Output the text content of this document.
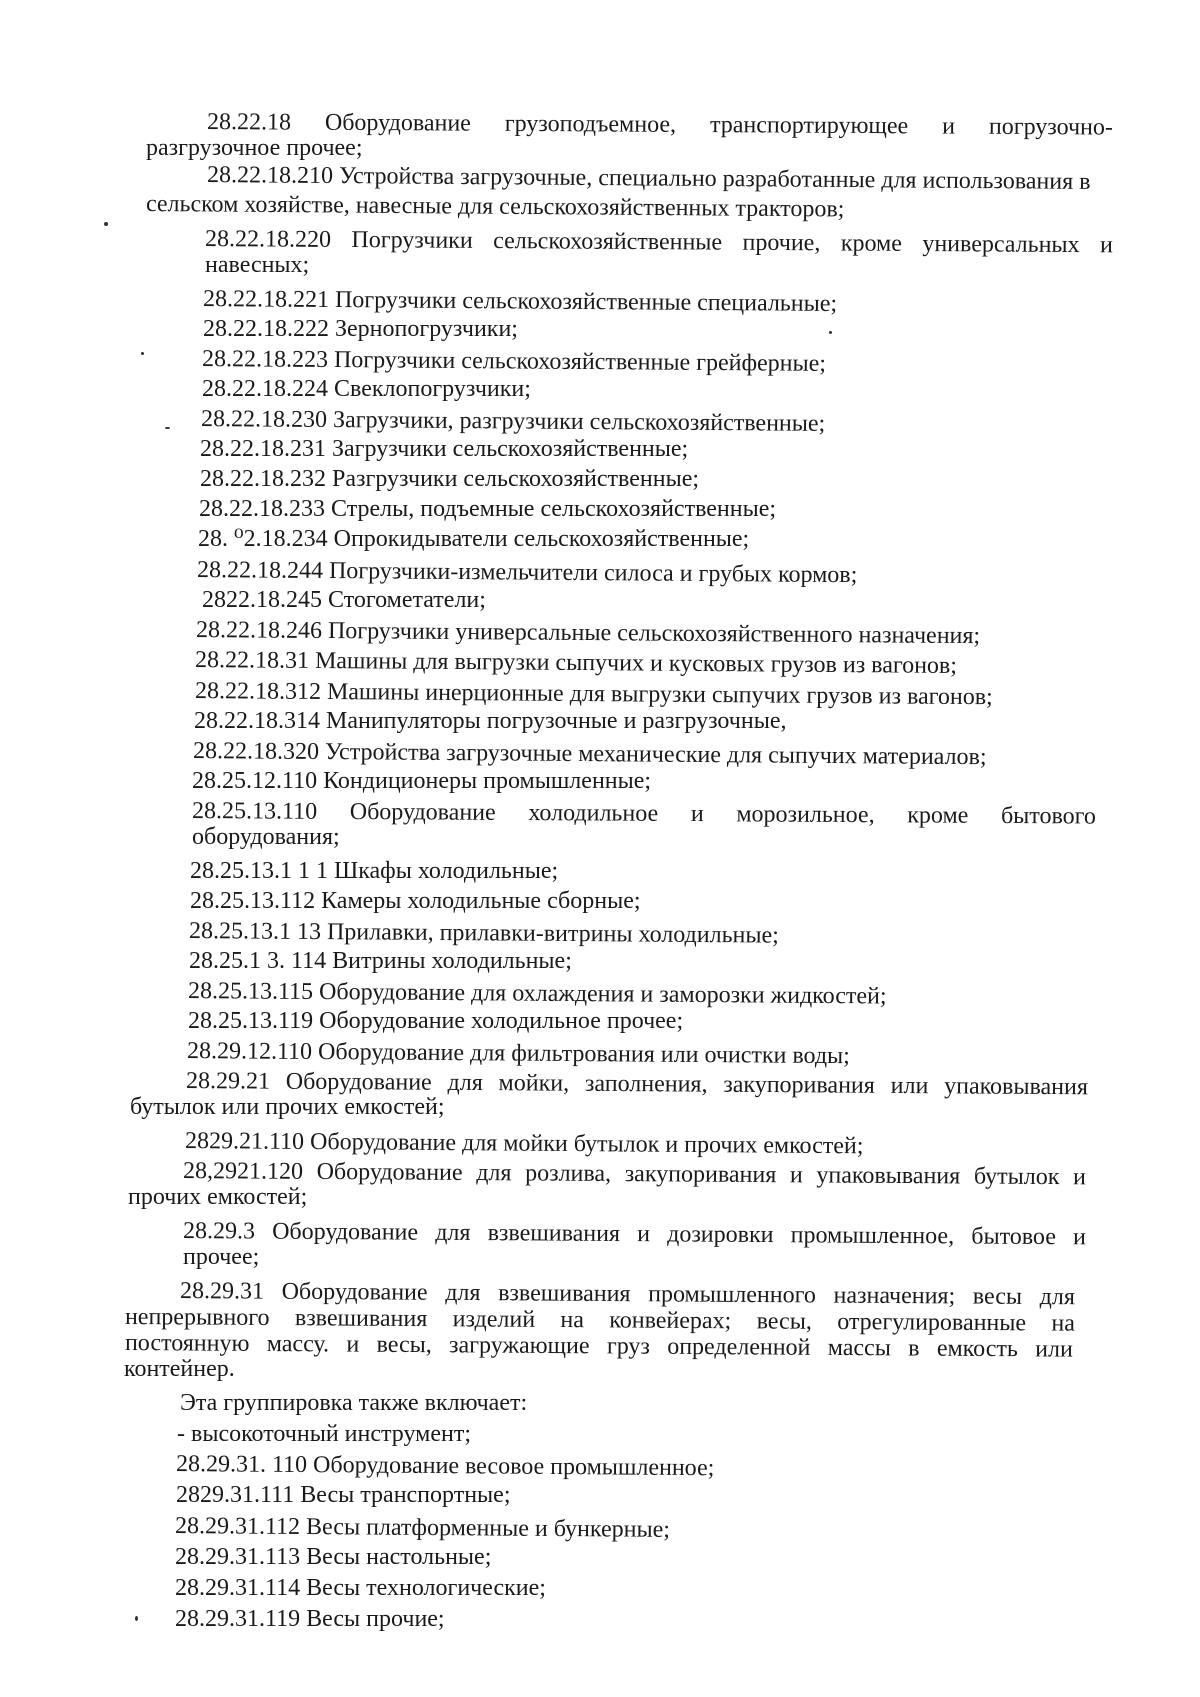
28.22.18 Оборудование грузоподъемное, транспортирующее и погрузочно-
разгрузочное прочее;
28.22.18.210 Устройства загрузочные, специально разработанные для использования в
сельском хозяйстве, навесные для сельскохозяйственных тракторов;
28.22.18.220 Погрузчики сельскохозяйственные прочие, кроме универсальных и
навесных;
28.22.18.221 Погрузчики сельскохозяйственные специальные;
28.22.18.222 Зернопогрузчики;
28.22.18.223 Погрузчики сельскохозяйственные грейферные;
28.22.18.224 Свеклопогрузчики;
28.22.18.230 Загрузчики, разгрузчики сельскохозяйственные;
28.22.18.231 Загрузчики сельскохозяйственные;
28.22.18.232 Разгрузчики сельскохозяйственные;
28.22.18.233 Стрелы, подъемные сельскохозяйственные;
28. ⁰2.18.234 Опрокидыватели сельскохозяйственные;
28.22.18.244 Погрузчики-измельчители силоса и грубых кормов;
2822.18.245 Стогометатели;
28.22.18.246 Погрузчики универсальные сельскохозяйственного назначения;
28.22.18.31 Машины для выгрузки сыпучих и кусковых грузов из вагонов;
28.22.18.312 Машины инерционные для выгрузки сыпучих грузов из вагонов;
28.22.18.314 Манипуляторы погрузочные и разгрузочные,
28.22.18.320 Устройства загрузочные механические для сыпучих материалов;
28.25.12.110 Кондиционеры промышленные;
28.25.13.110 Оборудование холодильное и морозильное, кроме бытового
оборудования;
28.25.13.1 1 1 Шкафы холодильные;
28.25.13.112 Камеры холодильные сборные;
28.25.13.1 13 Прилавки, прилавки-витрины холодильные;
28.25.1 3. 114 Витрины холодильные;
28.25.13.115 Оборудование для охлаждения и заморозки жидкостей;
28.25.13.119 Оборудование холодильное прочее;
28.29.12.110 Оборудование для фильтрования или очистки воды;
28.29.21 Оборудование для мойки, заполнения, закупоривания или упаковывания
бутылок или прочих емкостей;
2829.21.110 Оборудование для мойки бутылок и прочих емкостей;
28,2921.120 Оборудование для розлива, закупоривания и упаковывания бутылок и
прочих емкостей;
28.29.3 Оборудование для взвешивания и дозировки промышленное, бытовое и
прочее;
28.29.31 Оборудование для взвешивания промышленного назначения; весы для
непрерывного взвешивания изделий на конвейерах; весы, отрегулированные на
постоянную массу. и весы, загружающие груз определенной массы в емкость или
контейнер.
Эта группировка также включает:
- высокоточный инструмент;
28.29.31. 110 Оборудование весовое промышленное;
2829.31.111 Весы транспортные;
28.29.31.112 Весы платформенные и бункерные;
28.29.31.113 Весы настольные;
28.29.31.114 Весы технологические;
28.29.31.119 Весы прочие;
